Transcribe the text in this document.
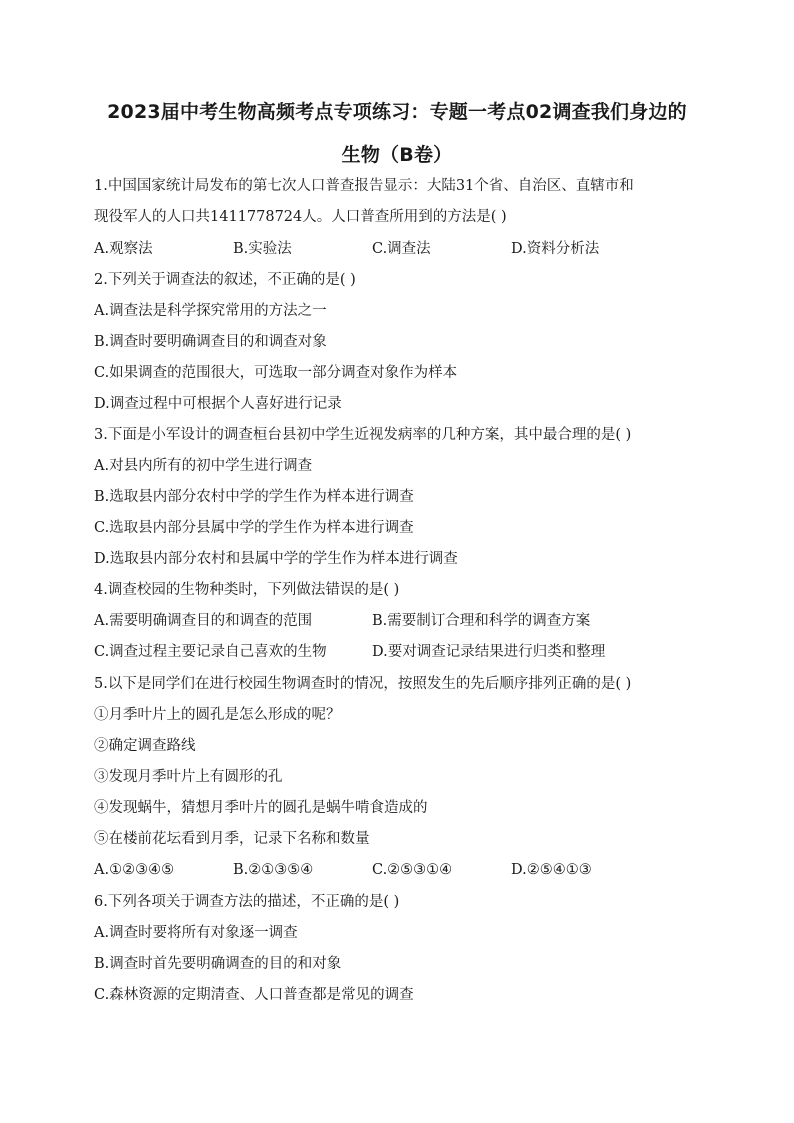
2023届中考生物高频考点专项练习：专题一考点02调查我们身边的
生物（B卷）
1.中国国家统计局发布的第七次人口普查报告显示：大陆31个省、自治区、直辖市和
现役军人的人口共1411778724人。人口普查所用到的方法是( )
A.观察法	B.实验法	C.调查法	D.资料分析法
2.下列关于调查法的叙述，不正确的是( )
A.调查法是科学探究常用的方法之一
B.调查时要明确调查目的和调查对象
C.如果调查的范围很大，可选取一部分调查对象作为样本
D.调查过程中可根据个人喜好进行记录
3.下面是小军设计的调查桓台县初中学生近视发病率的几种方案，其中最合理的是( )
A.对县内所有的初中学生进行调查
B.选取县内部分农村中学的学生作为样本进行调查
C.选取县内部分县属中学的学生作为样本进行调查
D.选取县内部分农村和县属中学的学生作为样本进行调查
4.调查校园的生物种类时，下列做法错误的是( )
A.需要明确调查目的和调查的范围	B.需要制订合理和科学的调查方案
C.调查过程主要记录自己喜欢的生物	D.要对调查记录结果进行归类和整理
5.以下是同学们在进行校园生物调查时的情况，按照发生的先后顺序排列正确的是( )
①月季叶片上的圆孔是怎么形成的呢？
②确定调查路线
③发现月季叶片上有圆形的孔
④发现蜗牛，猜想月季叶片的圆孔是蜗牛啃食造成的
⑤在楼前花坛看到月季，记录下名称和数量
A.①②③④⑤	B.②①③⑤④	C.②⑤③①④	D.②⑤④①③
6.下列各项关于调查方法的描述，不正确的是( )
A.调查时要将所有对象逐一调查
B.调查时首先要明确调查的目的和对象
C.森林资源的定期清查、人口普查都是常见的调查
